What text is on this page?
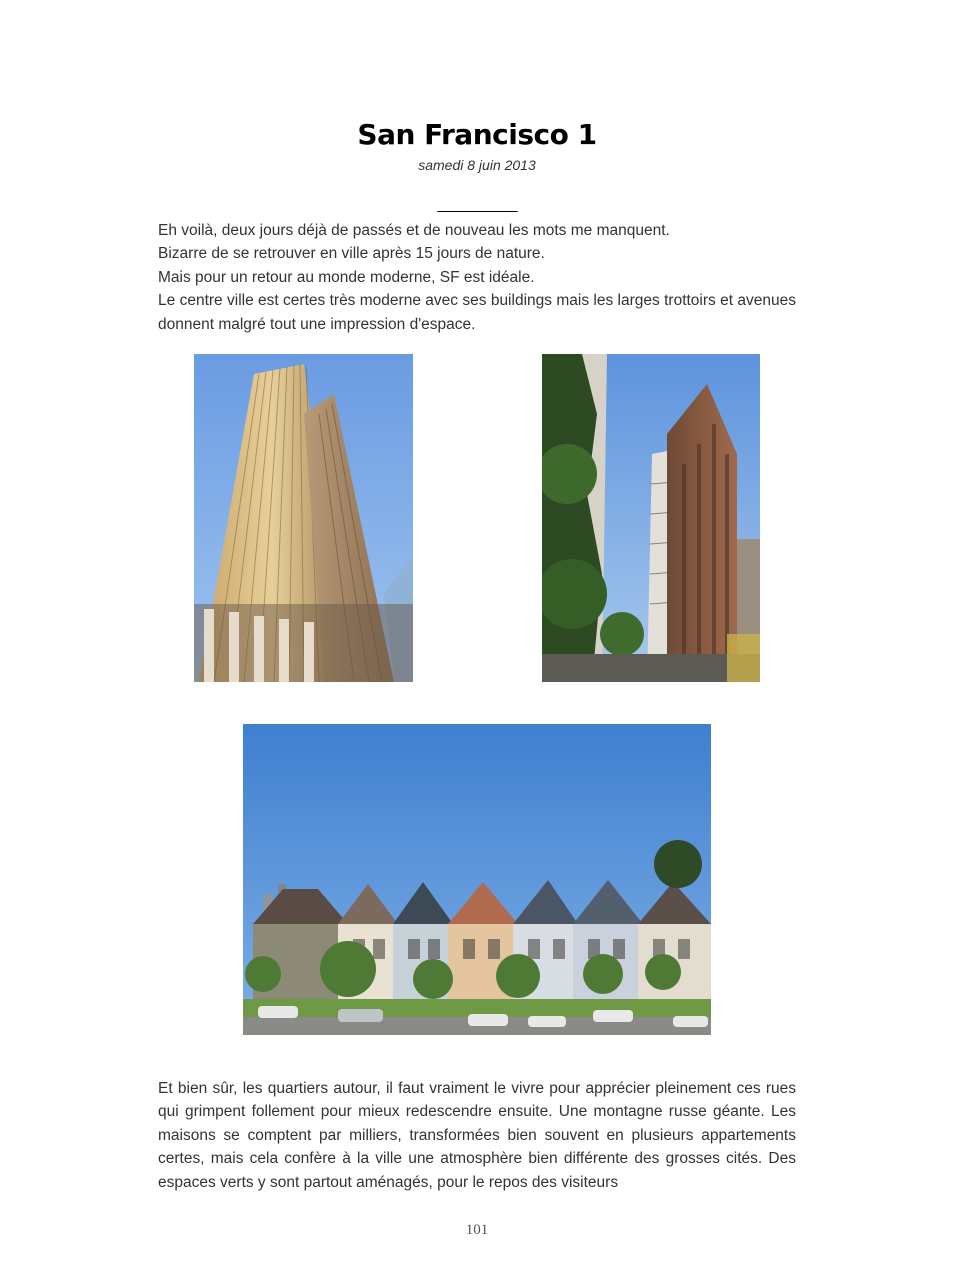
San Francisco 1
samedi 8 juin 2013
__________

Eh voilà, deux jours déjà de passés et de nouveau les mots me manquent.

Bizarre de se retrouver en ville après 15 jours de nature.

Mais pour un retour au monde moderne, SF est idéale.

Le centre ville est certes très moderne avec ses buildings mais les larges trottoirs et avenues donnent malgré tout une impression d'espace.

Et bien sûr, les quartiers autour, il faut vraiment le vivre pour apprécier pleinement ces rues qui grimpent follement pour mieux redescendre ensuite. Une montagne russe géante. Les maisons se comptent par milliers, transformées bien souvent en plusieurs appartements certes, mais cela confère à la ville une atmosphère bien différente des grosses cités. Des espaces verts y sont partout aménagés, pour le repos des visiteurs
101
